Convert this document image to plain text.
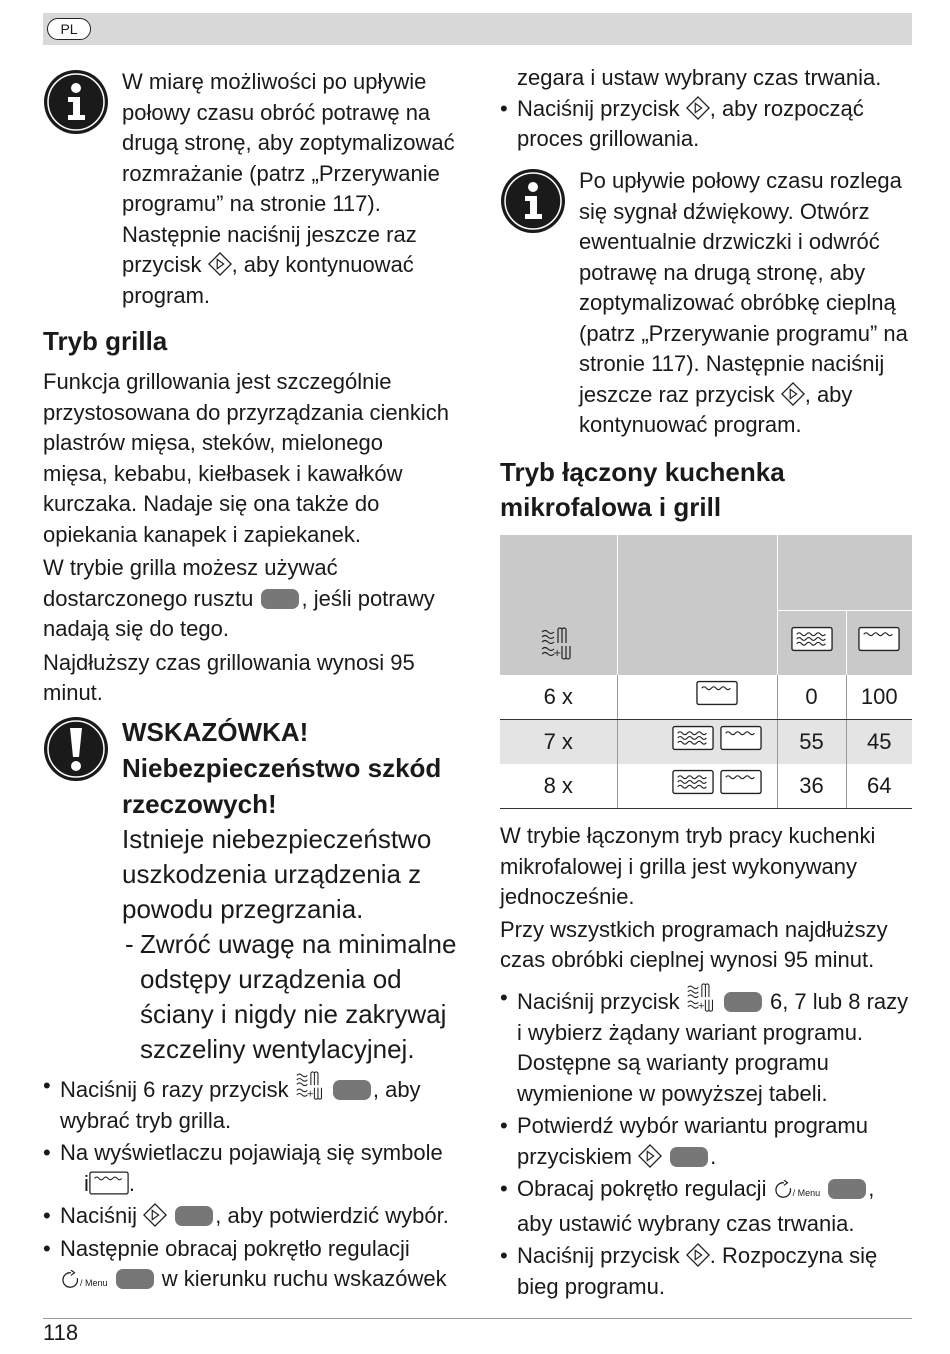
PL
W miarę możliwości po upływie
połowy czasu obróć potrawę na
drugą stronę, aby zoptymalizować
rozmrażanie (patrz „Przerywanie
programu” na stronie 117).
Następnie naciśnij jeszcze raz
przycisk , aby kontynuować
program.
Tryb grilla
Funkcja grillowania jest szczególnie
przystosowana do przyrządzania cienkich
plastrów mięsa, steków, mielonego
mięsa, kebabu, kiełbasek i kawałków
kurczaka. Nadaje się ona także do
opiekania kanapek i zapiekanek.
W trybie grilla możesz używać
dostarczonego rusztu , jeśli potrawy
nadają się do tego.
Najdłuższy czas grillowania wynosi 95
minut.
WSKAZÓWKA!
Niebezpieczeństwo szkód
rzeczowych!
Istnieje niebezpieczeństwo
uszkodzenia urządzenia z
powodu przegrzania.
- Zwróć uwagę na minimalne
odstępy urządzenia od
ściany i nigdy nie zakrywaj
szczeliny wentylacyjnej.
• Naciśnij 6 razy przycisk	, aby
wybrać tryb grilla.
• Na wyświetlaczu pojawiają się symbole
i .
• Naciśnij	, aby potwierdzić wybór.
• Następnie obracaj pokrętło regulacji
/ Menu w kierunku ruchu wskazówek
zegara i ustaw wybrany czas trwania.
• Naciśnij przycisk , aby rozpocząć
proces grillowania.
Po upływie połowy czasu rozlega
się sygnał dźwiękowy. Otwórz
ewentualnie drzwiczki i odwróć
potrawę na drugą stronę, aby
zoptymalizować obróbkę cieplną
(patrz „Przerywanie programu” na
stronie 117). Następnie naciśnij
jeszcze raz przycisk , aby
kontynuować program.
Tryb łączony kuchenka
mikrofalowa i grill

6 x		0	100
7 x		55	45
8 x		36	64
W trybie łączonym tryb pracy kuchenki
mikrofalowej i grilla jest wykonywany
jednocześnie.
Przy wszystkich programach najdłuższy
czas obróbki cieplnej wynosi 95 minut.
• Naciśnij przycisk	6, 7 lub 8 razy
i wybierz żądany wariant programu.
Dostępne są warianty programu
wymienione w powyższej tabeli.
• Potwierdź wybór wariantu programu
przyciskiem	.
• Obracaj pokrętło regulacji	/ Menu ,
aby ustawić wybrany czas trwania.
• Naciśnij przycisk . Rozpoczyna się
bieg programu.
118
